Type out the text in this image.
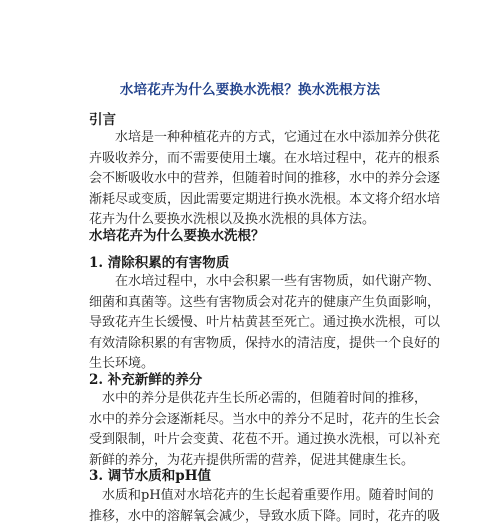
水培花卉为什么要换水洗根？换水洗根方法
引言
水培是一种种植花卉的方式，它通过在水中添加养分供花
卉吸收养分，而不需要使用土壤。在水培过程中，花卉的根系
会不断吸收水中的营养，但随着时间的推移，水中的养分会逐
渐耗尽或变质，因此需要定期进行换水洗根。本文将介绍水培
花卉为什么要换水洗根以及换水洗根的具体方法。
水培花卉为什么要换水洗根？
1. 清除积累的有害物质
在水培过程中，水中会积累一些有害物质，如代谢产物、
细菌和真菌等。这些有害物质会对花卉的健康产生负面影响，
导致花卉生长缓慢、叶片枯黄甚至死亡。通过换水洗根，可以
有效清除积累的有害物质，保持水的清洁度，提供一个良好的
生长环境。
2. 补充新鲜的养分
水中的养分是供花卉生长所必需的，但随着时间的推移，
水中的养分会逐渐耗尽。当水中的养分不足时，花卉的生长会
受到限制，叶片会变黄、花苞不开。通过换水洗根，可以补充
新鲜的养分，为花卉提供所需的营养，促进其健康生长。
3. 调节水质和pH值
水质和pH值对水培花卉的生长起着重要作用。随着时间的
推移，水中的溶解氧会减少，导致水质下降。同时，花卉的吸
